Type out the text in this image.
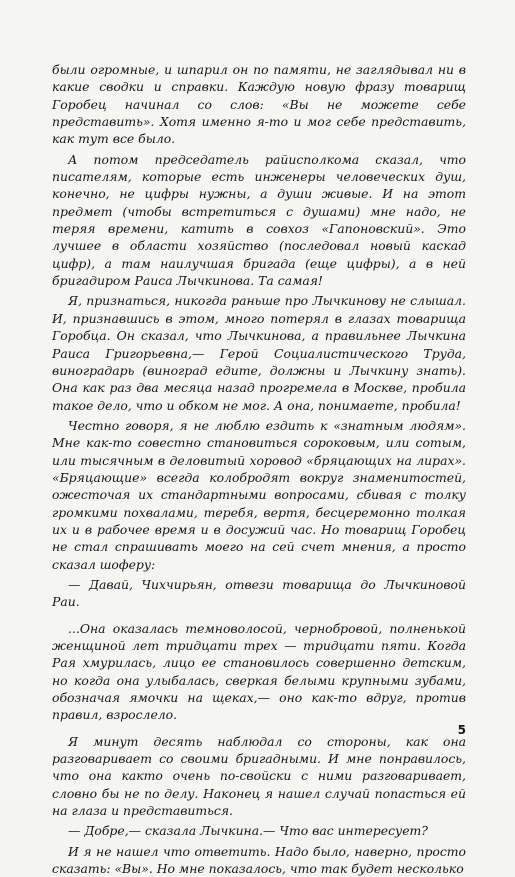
были огромные, и шпарил он по памяти, не заглядывал ни в какие сводки и справки. Каждую новую фразу товарищ Горобец начинал со слов: «Вы не можете себе представить». Хотя именно я-то и мог себе представить, как тут все было.

А потом председатель райисполкома сказал, что писателям, которые есть инженеры человеческих душ, конечно, не цифры нужны, а души живые. И на этот предмет (чтобы встретиться с душами) мне надо, не теряя времени, катить в совхоз «Гапоновский». Это лучшее в области хозяйство (последовал новый каскад цифр), а там наилучшая бригада (еще цифры), а в ней бригадиром Раиса Лычкинова. Та самая!

Я, признаться, никогда раньше про Лычкинову не слышал. И, признавшись в этом, много потерял в глазах товарища Горобца. Он сказал, что Лычкинова, а правильнее Лычкина Раиса Григорьевна,— Герой Социалистического Труда, виноградарь (виноград едите, должны и Лычкину знать). Она как раз два месяца назад прогремела в Москве, пробила такое дело, что и обком не мог. А она, понимаете, пробила!

Честно говоря, я не люблю ездить к «знатным людям». Мне как-то совестно становиться сороковым, или сотым, или тысячным в деловитый хоровод «бряцающих на лирах». «Бряцающие» всегда колобродят вокруг знаменитостей, ожесточая их стандартными вопросами, сбивая с толку громкими похвалами, теребя, вертя, бесцеремонно толкая их и в рабочее время и в досужий час. Но товарищ Горобец не стал спрашивать моего на сей счет мнения, а просто сказал шоферу:

— Давай, Чихчирьян, отвези товарища до Лычкиновой Раи.

...Она оказалась темноволосой, чернобровой, полненькой женщиной лет тридцати трех — тридцати пяти. Когда Рая хмурилась, лицо ее становилось совершенно детским, но когда она улыбалась, сверкая белыми крупными зубами, обозначая ямочки на щеках,— оно как-то вдруг, против правил, взрослело.

Я минут десять наблюдал со стороны, как она разговаривает со своими бригадными. И мне понравилось, что она както очень по-свойски с ними разговаривает, словно бы не по делу. Наконец я нашел случай попасться ей на глаза и представиться.

— Добре,— сказала Лычкина.— Что вас интересует?

И я не нашел что ответить. Надо было, наверно, просто сказать: «Вы». Но мне показалось, что так будет несколько

5
